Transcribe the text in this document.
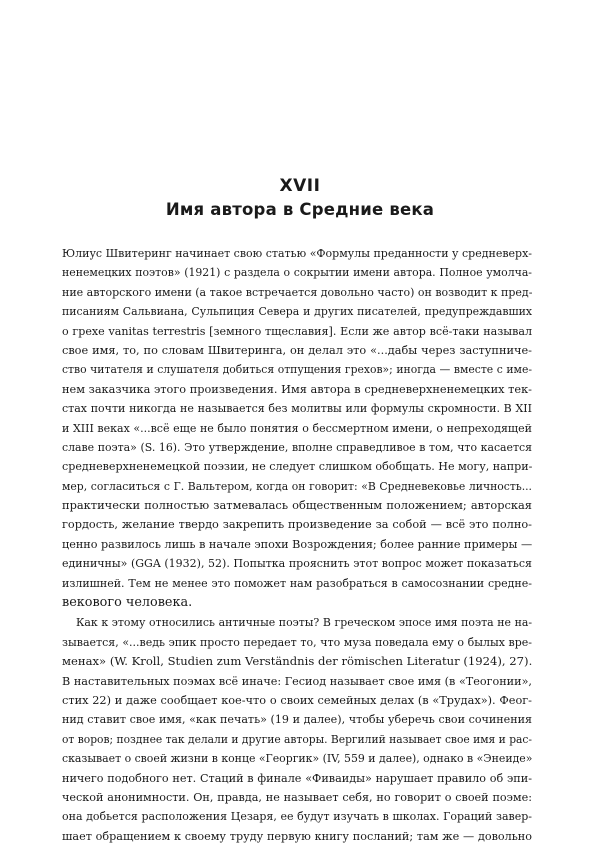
XVII
Имя автора в Средние века
Юлиус Швитеринг начинает свою статью «Формулы преданности у средневерх-
ненемецких поэтов» (1921) с раздела о сокрытии имени автора. Полное умолча-
ние авторского имени (а такое встречается довольно часто) он возводит к пред-
писаниям Сальвиана, Сульпиция Севера и других писателей, предупреждавших
о грехе vanitas terrestris [земного тщеславия]. Если же автор всё-таки называл
свое имя, то, по словам Швитеринга, он делал это «...дабы через заступниче-
ство читателя и слушателя добиться отпущения грехов»; иногда — вместе с име-
нем заказчика этого произведения. Имя автора в средневерхненемецких тек-
стах почти никогда не называется без молитвы или формулы скромности. В XII
и XIII веках «...всё еще не было понятия о бессмертном имени, о непреходящей
славе поэта» (S. 16). Это утверждение, вполне справедливое в том, что касается
средневерхненемецкой поэзии, не следует слишком обобщать. Не могу, напри-
мер, согласиться с Г. Вальтером, когда он говорит: «В Средневековье личность...
практически полностью затмевалась общественным положением; авторская
гордость, желание твердо закрепить произведение за собой — всё это полно-
ценно развилось лишь в начале эпохи Возрождения; более ранние примеры —
единичны» (GGA (1932), 52). Попытка прояснить этот вопрос может показаться
излишней. Тем не менее это поможет нам разобраться в самосознании средне-
векового человека.
Как к этому относились античные поэты? В греческом эпосе имя поэта не на-
зывается, «...ведь эпик просто передает то, что муза поведала ему о былых вре-
менах» (W. Kroll, Studien zum Verständnis der römischen Literatur (1924), 27).
В наставительных поэмах всё иначе: Гесиод называет свое имя (в «Теогонии»,
стих 22) и даже сообщает кое-что о своих семейных делах (в «Трудах»). Феог-
нид ставит свое имя, «как печать» (19 и далее), чтобы уберечь свои сочинения
от воров; позднее так делали и другие авторы. Вергилий называет свое имя и рас-
сказывает о своей жизни в конце «Георгик» (IV, 559 и далее), однако в «Энеиде»
ничего подобного нет. Стаций в финале «Фиваиды» нарушает правило об эпи-
ческой анонимности. Он, правда, не называет себя, но говорит о своей поэме:
она добьется расположения Цезаря, ее будут изучать в школах. Гораций завер-
шает обращением к своему труду первую книгу посланий; там же — довольно
